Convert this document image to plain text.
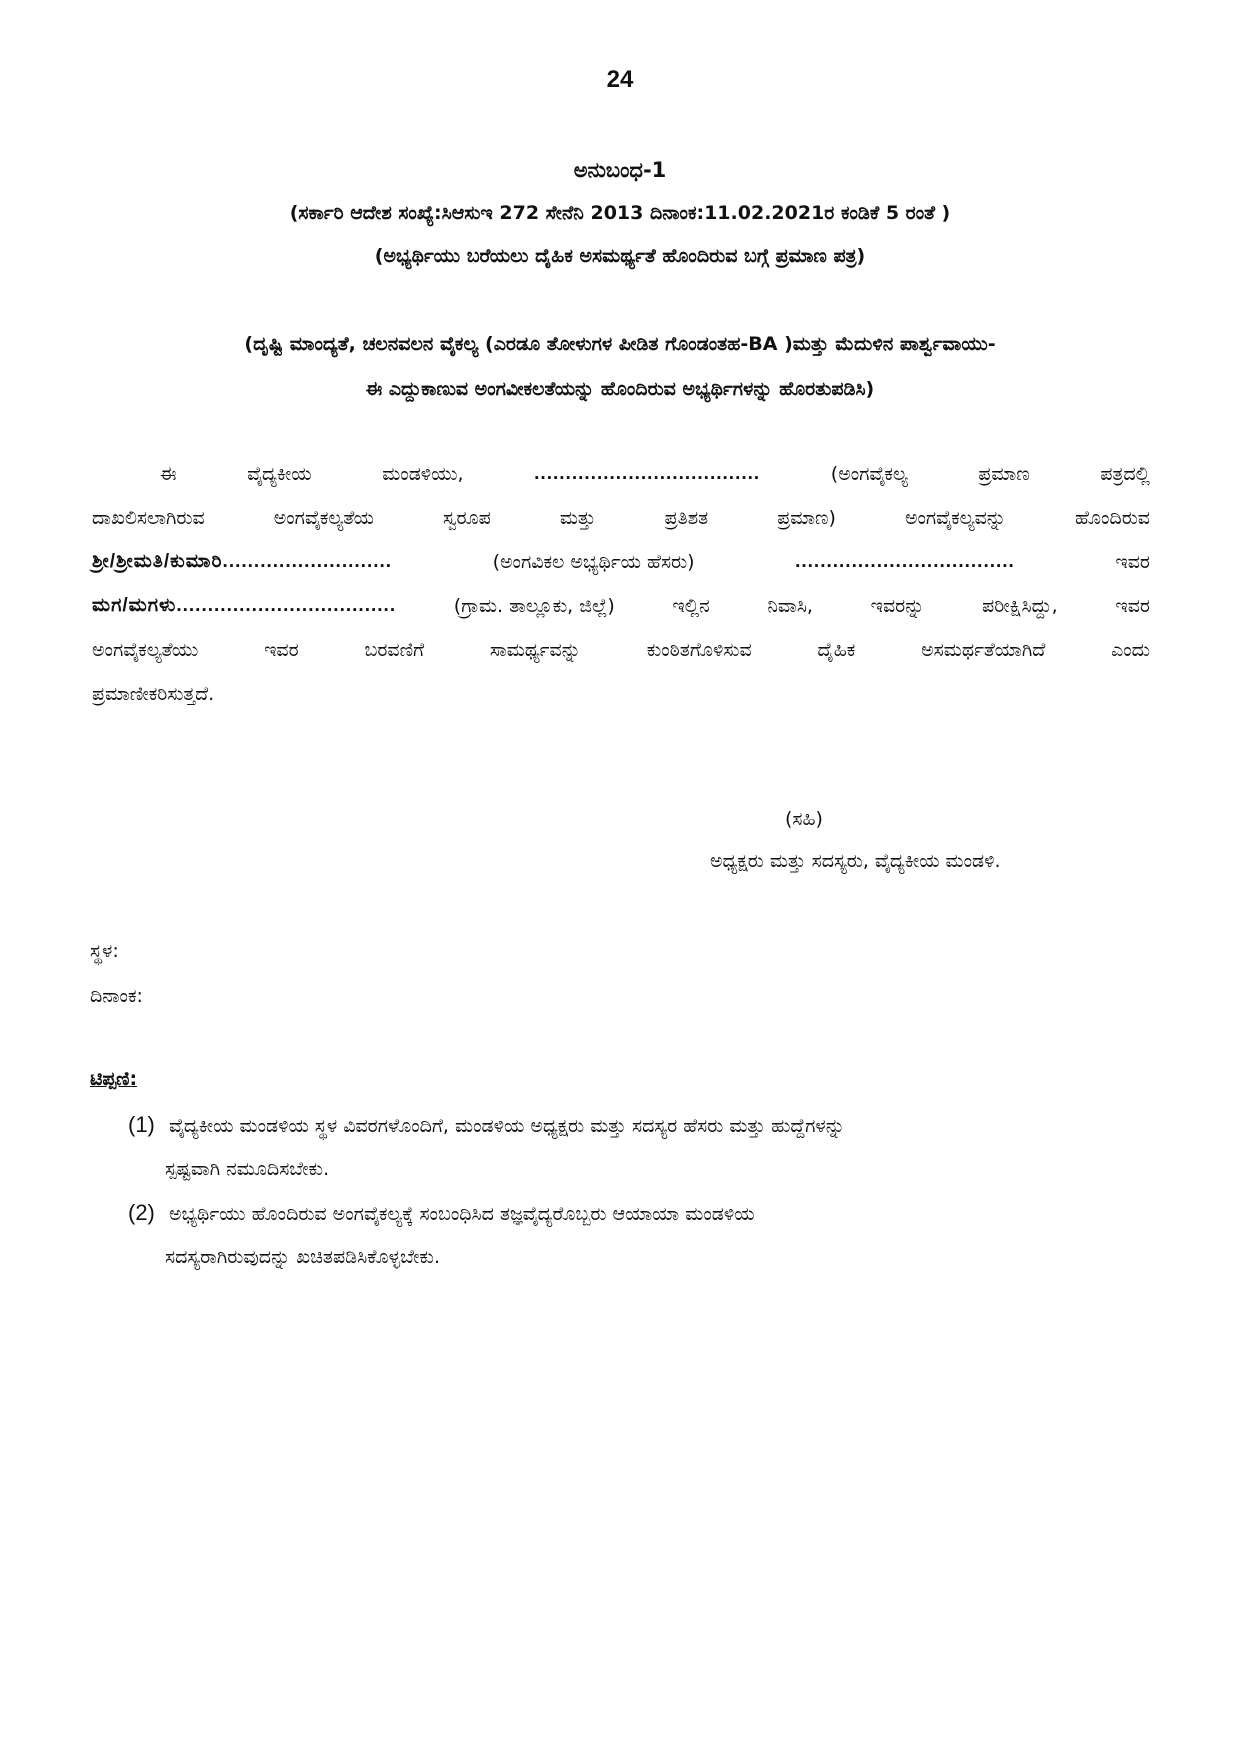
24
ಅನುಬಂಧ-1
(ಸರ್ಕಾರಿ ಆದೇಶ ಸಂಖ್ಯೆ:ಸಿಆಸುಇ 272 ಸೇನೆನಿ 2013 ದಿನಾಂಕ:11.02.2021ರ ಕಂಡಿಕೆ 5 ರಂತೆ )
(ಅಭ್ಯರ್ಥಿಯು ಬರೆಯಲು ದೈಹಿಕ ಅಸಮರ್ಥ್ಯತೆ ಹೊಂದಿರುವ ಬಗ್ಗೆ ಪ್ರಮಾಣ ಪತ್ರ)
(ದೃಷ್ಟಿ ಮಾಂದ್ಯತೆ, ಚಲನವಲನ ವೈಕಲ್ಯ (ಎರಡೂ ತೋಳುಗಳ ಪೀಡಿತ ಗೊಂಡಂತಹ-BA )ಮತ್ತು ಮೆದುಳಿನ ಪಾರ್ಶ್ವವಾಯು-
ಈ ಎದ್ದುಕಾಣುವ ಅಂಗವೀಕಲತೆಯನ್ನು ಹೊಂದಿರುವ ಅಭ್ಯರ್ಥಿಗಳನ್ನು ಹೊರತುಪಡಿಸಿ)
ಈ	ವೈದ್ಯಕೀಯ	ಮಂಡಳಿಯು,	....................................	(ಅಂಗವೈಕಲ್ಯ	ಪ್ರಮಾಣ	ಪತ್ರದಲ್ಲಿ
ದಾಖಲಿಸಲಾಗಿರುವ	ಅಂಗವೈಕಲ್ಯತೆಯ	ಸ್ವರೂಪ	ಮತ್ತು	ಪ್ರತಿಶತ	ಪ್ರಮಾಣ)	ಅಂಗವೈಕಲ್ಯವನ್ನು	ಹೊಂದಿರುವ
ಶ್ರೀ/ಶ್ರೀಮತಿ/ಕುಮಾರಿ...........................	(ಅಂಗವಿಕಲ ಅಭ್ಯರ್ಥಿಯ ಹೆಸರು)	...................................	ಇವರ
ಮಗ/ಮಗಳು...................................	(ಗ್ರಾಮ. ತಾಲ್ಲೂಕು, ಜಿಲ್ಲೆ)	ಇಲ್ಲಿನ	ನಿವಾಸಿ,	ಇವರನ್ನು	ಪರೀಕ್ಷಿಸಿದ್ದು,	ಇವರ
ಅಂಗವೈಕಲ್ಯತೆಯು	ಇವರ	ಬರವಣಿಗೆ	ಸಾಮರ್ಥ್ಯವನ್ನು	ಕುಂಠಿತಗೊಳಿಸುವ	ದೈಹಿಕ	ಅಸಮರ್ಥತೆಯಾಗಿದೆ	ಎಂದು
ಪ್ರಮಾಣೀಕರಿಸುತ್ತದೆ.
(ಸಹಿ)
ಅಧ್ಯಕ್ಷರು ಮತ್ತು ಸದಸ್ಯರು, ವೈದ್ಯಕೀಯ ಮಂಡಳಿ.
ಸ್ಥಳ:
ದಿನಾಂಕ:
ಟಿಪ್ಪಣಿ:
(1) ವೈದ್ಯಕೀಯ ಮಂಡಳಿಯ ಸ್ಥಳ ವಿವರಗಳೊಂದಿಗೆ, ಮಂಡಳಿಯ ಅಧ್ಯಕ್ಷರು ಮತ್ತು ಸದಸ್ಯರ ಹೆಸರು ಮತ್ತು ಹುದ್ದೆಗಳನ್ನು
ಸ್ಪಷ್ಟವಾಗಿ ನಮೂದಿಸಬೇಕು.
(2) ಅಭ್ಯರ್ಥಿಯು ಹೊಂದಿರುವ ಅಂಗವೈಕಲ್ಯಕ್ಕೆ ಸಂಬಂಧಿಸಿದ ತಜ್ಞವೈದ್ಯರೊಬ್ಬರು ಆಯಾಯಾ ಮಂಡಳಿಯ
ಸದಸ್ಯರಾಗಿರುವುದನ್ನು ಖಚಿತಪಡಿಸಿಕೊಳ್ಳಬೇಕು.
